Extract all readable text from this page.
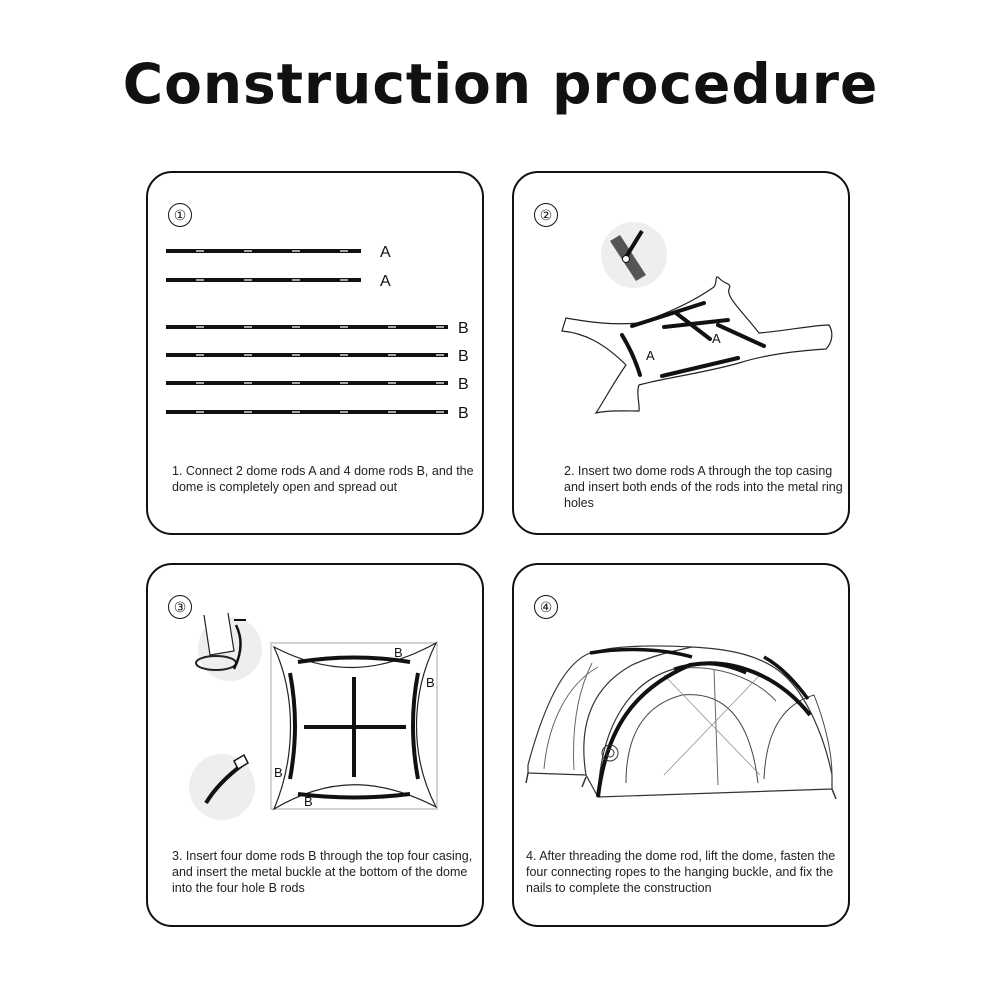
Construction procedure
①
A
A
B
B
B
B
1. Connect 2 dome rods A and 4 dome rods B, and the dome is completely open and spread out
②
A
A
2. Insert two dome rods A through the top casing and insert both ends of the rods into the metal ring holes
③
B
B
B
B
3. Insert four dome rods B through the top four casing, and insert the metal buckle at the bottom of the dome into the four hole B rods
④
4. After threading the dome rod, lift the dome, fasten the four connecting ropes to the hanging buckle, and fix the nails to complete the construction
